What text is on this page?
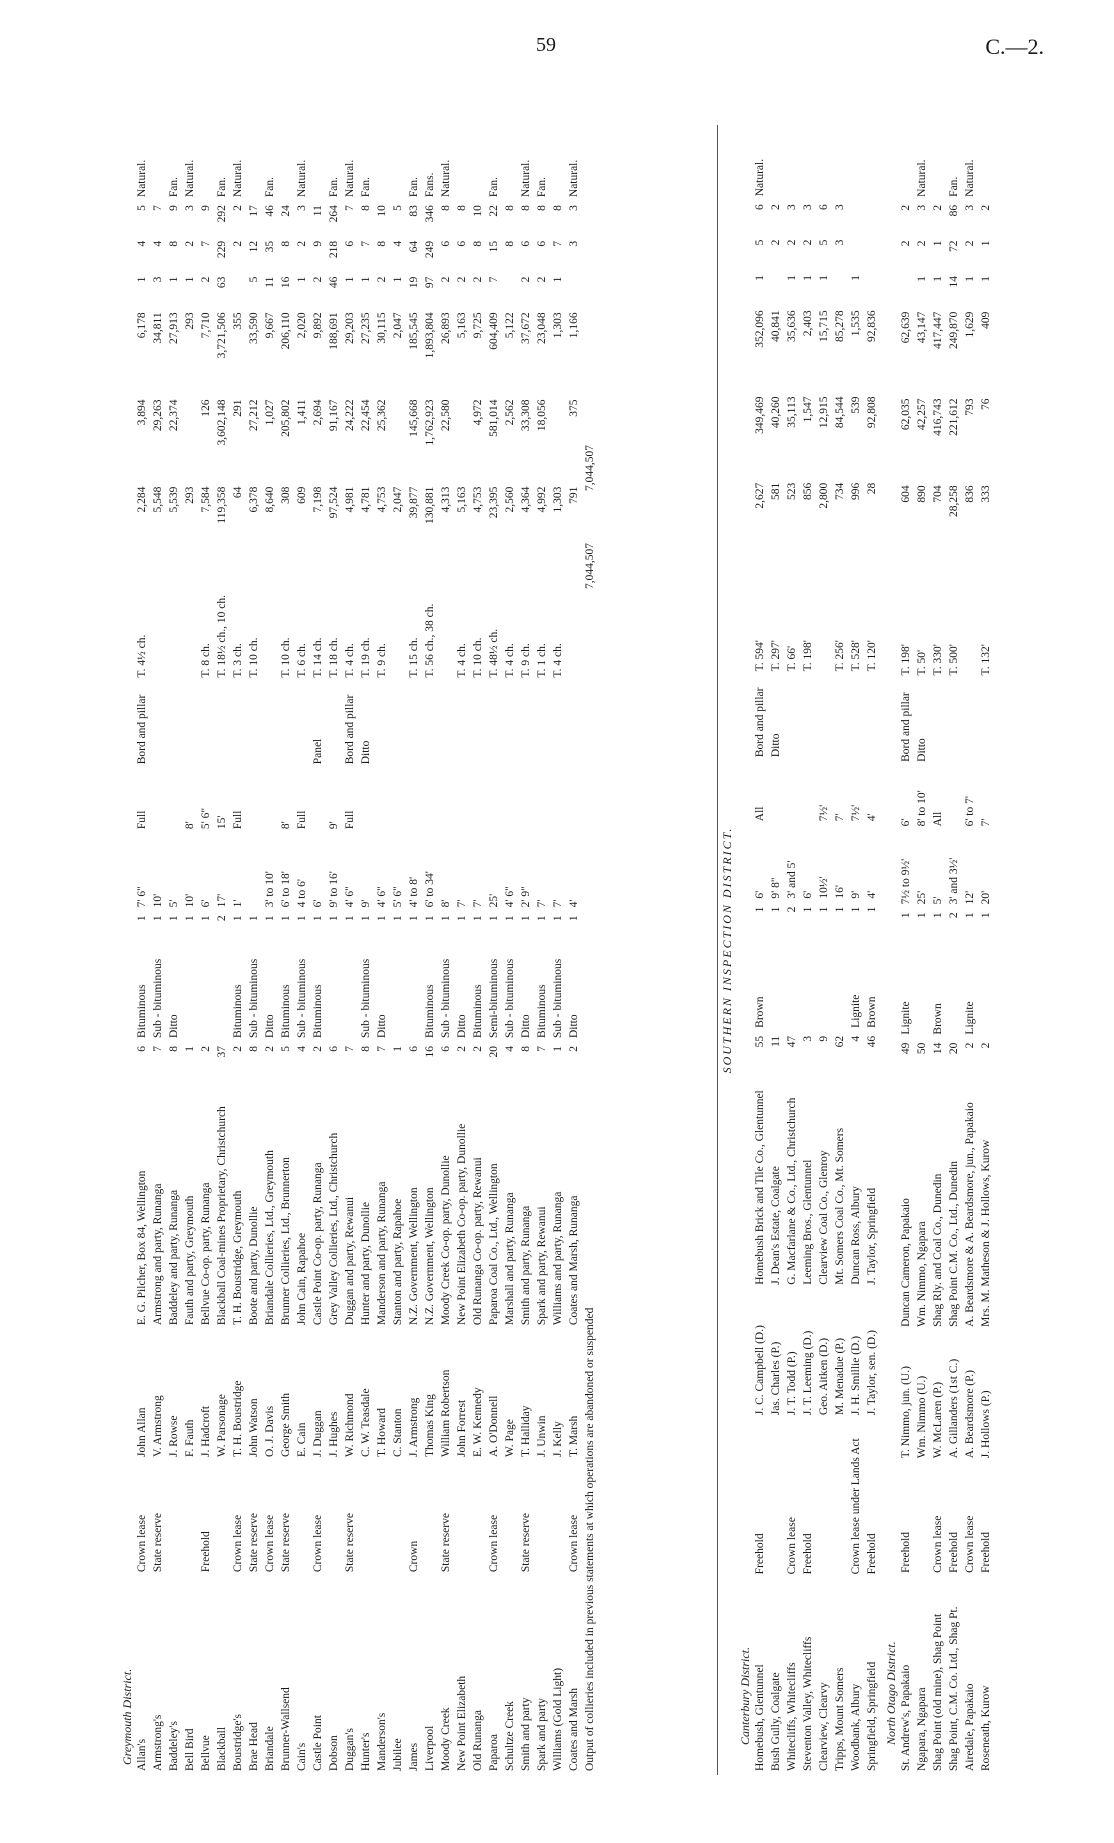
59	C.—2.
Greymouth District. Allan's	Crown lease	John Allan	E. G. Pilcher, Box 84, Wellington	6	Bituminous	1	7' 6"	Full	Bord and pillar	T. 4½ ch.	2,284	3,894	6,178	1	4	5	Natural.
Armstrong's	State reserve	V. Armstrong	Armstrong and party, Runanga	7	Sub - bituminous	1	10'				5,548	29,263	34,811	3	4	7	
Baddeley's		J. Rowse	Baddeley and party, Runanga	8	Ditto	1	5'				5,539	22,374	27,913	1	8	9	Fan.
Bell Bird		F. Fauth	Fauth and party, Greymouth	1		1	10'	8'			293		293	1	2	3	Natural.
Bellvue	Freehold	J. Hadcroft	Bellvue Co-op. party, Runanga	2		1	6'	5' 6"		T. 8 ch.	7,584	126	7,710	2	7	9	
Blackball		W. Parsonage	Blackball Coal-mines Proprietary, Christchurch	37		2	17'	15'		T. 18½ ch., 10 ch.	119,358	3,602,148	3,721,506	63	229	292	Fan.
Boustridge's	Crown lease	T. H. Boustridge	T. H. Boustridge, Greymouth	2	Bituminous	1	1'	Full		T. 3 ch.	64	291	355		2	2	Natural.
Brae Head	State reserve	John Watson	Boote and party, Dunollie	8	Sub - bituminous	1				T. 10 ch.	6,378	27,212	33,590	5	12	17	
Briandale	Crown lease	O. J. Davis	Briandale Collieries, Ltd., Greymouth	2	Ditto	1	3' to 10'				8,640	1,027	9,667	11	35	46	Fan.
Brunner-Wallsend	State reserve	George Smith	Brunner Collieries, Ltd., Brunnerton	5	Bituminous	1	6' to 18'	8'		T. 10 ch.	308	205,802	206,110	16	8	24	
Cain's		E. Cain	John Cain, Rapahoe	4	Sub - bituminous	1	4 to 6'	Full		T. 6 ch.	609	1,411	2,020	1	2	3	Natural.
Castle Point	Crown lease	J. Duggan	Castle Point Co-op. party, Runanga	2	Bituminous	1	6'		Panel	T. 14 ch.	7,198	2,694	9,892	2	9	11	
Dobson		J. Hughes	Grey Valley Collieries, Ltd., Christchurch	6		1	9' to 16'	9'		T. 18 ch.	97,524	91,167	188,691	46	218	264	Fan.
Duggan's	State reserve	W. Richmond	Duggan and party, Rewanui	7		1	4' 6"	Full	Bord and pillar	T. 4 ch.	4,981	24,222	29,203	1	6	7	Natural.
Hunter's		C. W. Teasdale	Hunter and party, Dunollie	8	Sub - bituminous	1	9'		Ditto	T. 19 ch.	4,781	22,454	27,235	1	7	8	Fan.
Manderson's		T. Howard	Manderson and party, Runanga	7	Ditto	1	4' 6"			T. 9 ch.	4,753	25,362	30,115	2	8	10	
Jubilee		C. Stanton	Stanton and party, Rapahoe	1		1	5' 6"				2,047		2,047	1	4	5	
James	Crown	J. Armstrong	N.Z. Government, Wellington	6		1	4' to 8'			T. 15 ch.	39,877	145,668	185,545	19	64	83	Fan.
Liverpool		Thomas King	N.Z. Government, Wellington	16	Bituminous	1	6' to 34'			T. 56 ch., 38 ch.	130,881	1,762,923	1,893,804	97	249	346	Fans.
Moody Creek	State reserve	William Robertson	Moody Creek Co-op. party, Dunollie	6	Sub - bituminous	1	8'				4,313	22,580	26,893	2	6	8	Natural.
New Point Elizabeth		John Forrest	New Point Elizabeth Co-op. party, Dunollie	2	Ditto	1	7'			T. 4 ch.	5,163		5,163	2	6	8	
Old Runanga		E. W. Kennedy	Old Runanga Co-op. party, Rewanui	2	Bituminous	1	7'			T. 10 ch.	4,753	4,972	9,725	2	8	10	
Paparoa	Crown lease	A. O'Donnell	Paparoa Coal Co., Ltd., Wellington	20	Semi-bituminous	1	25'			T. 48½ ch.	23,395	581,014	604,409	7	15	22	Fan.
Schultze Creek		W. Page	Marshall and party, Runanga	4	Sub - bituminous	1	4' 6"			T. 4 ch.	2,560	2,562	5,122		8	8	
Smith and party	State reserve	T. Halliday	Smith and party, Runanga	8	Ditto	1	2' 9"			T. 9 ch.	4,364	33,308	37,672	2	6	8	Natural.
Spark and party		J. Unwin	Spark and party, Rewanui	7	Bituminous	1	7'			T. 1 ch.	4,992	18,056	23,048	2	6	8	Fan.
Williams (Gold Light)		J. Kelly	Williams and party, Runanga	1	Sub - bituminous	1	7'			T. 4 ch.	1,303		1,303	1	7	8	
Coates and Marsh	Crown lease	T. Marsh	Coates and Marsh, Runanga	2	Ditto	1	4'				791	375	1,166		3	3	Natural.
Output of collieries included in previous statements at which operations are abandoned or suspended	7,044,507	7,044,507	
SOUTHERN INSPECTION DISTRICT.
Canterbury District. Homebush, Glentunnel	Freehold	J. C. Campbell (D.)	Homebush Brick and Tile Co., Glentunnel	55	Brown	1	6'	All	Bord and pillar	T. 594'	2,627	349,469	352,096	1	5	6	Natural.
Bush Gully, Coalgate		Jas. Charles (P.)	J. Dean's Estate, Coalgate	11		1	9' 8"		Ditto	T. 297'	581	40,260	40,841		2	2	
Whitecliffs, Whitecliffs	Crown lease	J. T. Todd (P.)	G. Macfarlane & Co., Ltd., Christchurch	47		2	3' and 5'			T. 66'	523	35,113	35,636	1	2	3	
Steventon Valley, Whitecliffs	Freehold	J. T. Leeming (D.)	Leeming Bros., Glentunnel	3		1	6'			T. 198'	856	1,547	2,403	1	2	3	
Clearview, Clearvy		Geo. Aitken (D.)	Clearview Coal Co., Glenroy	9		1	10½'	7½'			2,800	12,915	15,715	1	5	6	
Tripps, Mount Somers		M. Menadue (P.)	Mt. Somers Coal Co., Mt. Somers	62		1	16'	7'		T. 256'	734	84,544	85,278		3	3	
Woodbank, Albury	Crown lease under Lands Act	J. H. Smillie (D.)	Duncan Ross, Albury	4	Lignite	1	9'	7½'		T. 528'	996	539	1,535	1			
Springfield, Springfield	Freehold	J. Taylor, sen. (D.)	J. Taylor, Springfield	46	Brown	1	4'	4'		T. 120'	28	92,808	92,836				
North Otago District. St. Andrew's, Papakaio	Freehold	T. Nimmo, jun. (U.)	Duncan Cameron, Papakaio	49	Lignite	1	7½ to 9½'	6'	Bord and pillar	T. 198'	604	62,035	62,639		2	2	
Ngapara, Ngapara		Wm. Nimmo (U.)	Wm. Nimmo, Ngapara	50		1	25'	8' to 10'	Ditto	T. 50'	890	42,257	43,147	1	2	3	Natural.
Shag Point (old mine), Shag Point	Crown lease	W. McLaren (P.)	Shag Rly. and Coal Co., Dunedin	14	Brown	1	5'	All		T. 330'	704	416,743	417,447	1	1	2	
Shag Point, C.M. Co. Ltd., Shag Pt.	Freehold	A. Gillanders (1st C.)	Shag Point C.M. Co., Ltd., Dunedin	20		2	3' and 3½'			T. 500'	28,258	221,612	249,870	14	72	86	Fan.
Airedale, Papakaio	Crown lease	A. Beardsmore (P.)	A. Beardsmore & A. Beardsmore, jun., Papakaio	2	Lignite	1	12'	6' to 7'			836	793	1,629	1	2	3	Natural.
Roseneath, Kurow	Freehold	J. Hollows (P.)	Mrs. M. Matheson & J. Hollows, Kurow	2		1	20'	7'		T. 132'	333	76	409	1	1	2	
